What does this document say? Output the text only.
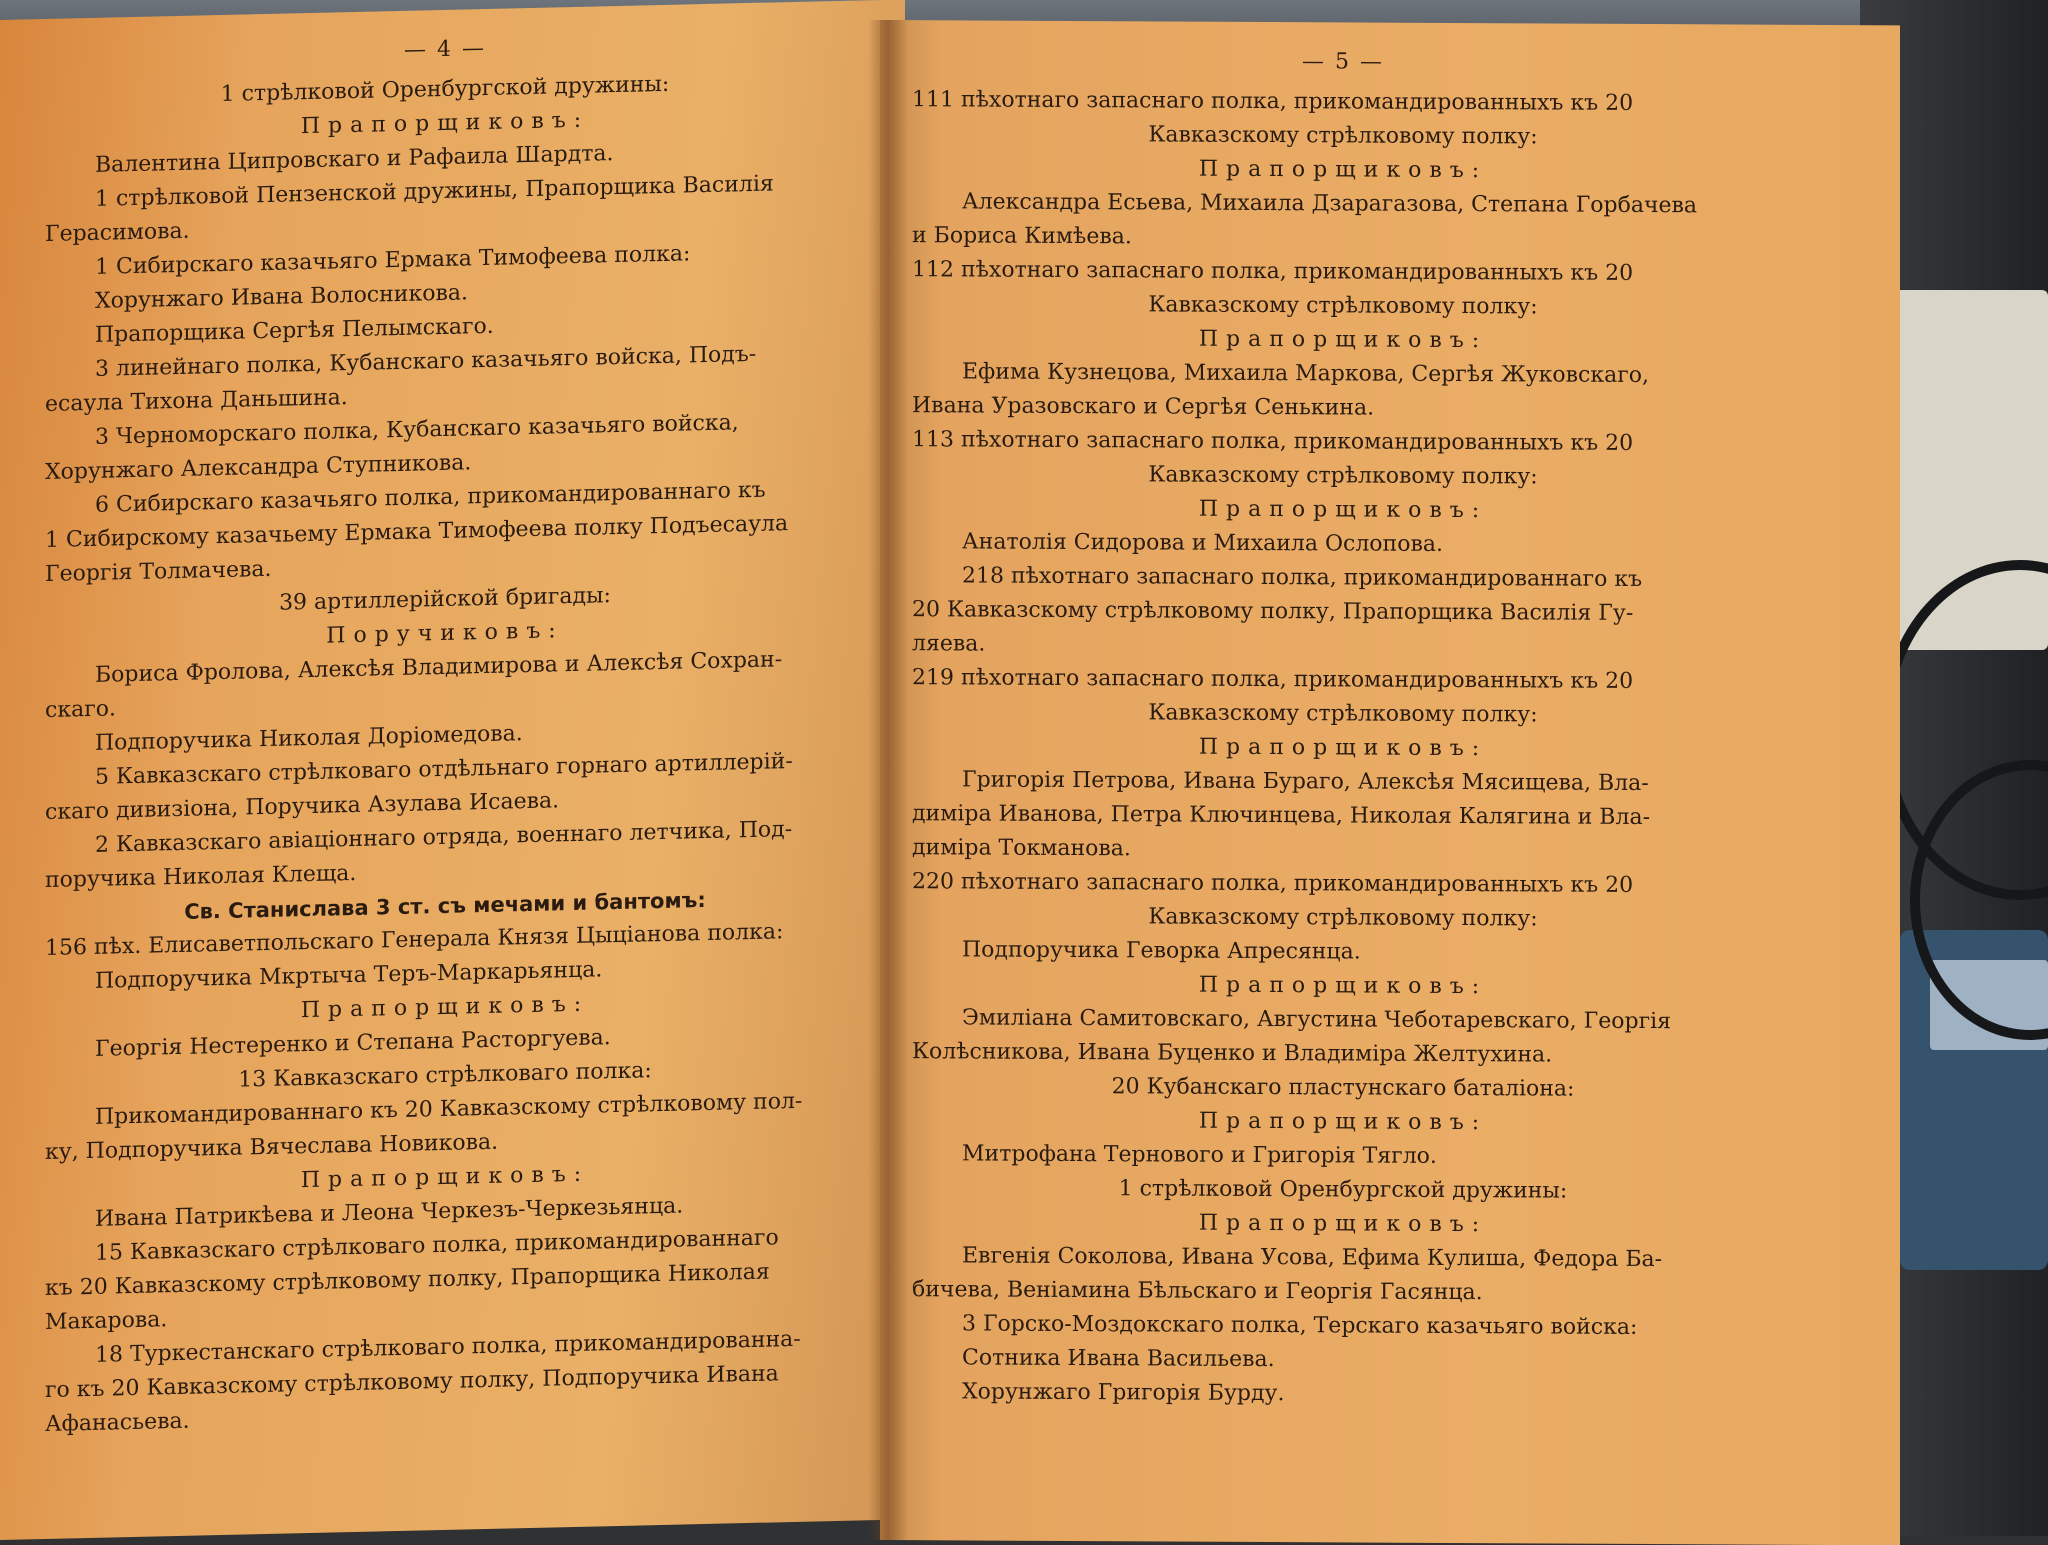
— 4 —
1 стрѣлковой Оренбургской дружины:
Прапорщиковъ:
Валентина Ципровскаго и Рафаила Шардта.
1 стрѣлковой Пензенской дружины, Прапорщика Василія
Герасимова.
1 Сибирскаго казачьяго Ермака Тимофеева полка:
Хорунжаго Ивана Волосникова.
Прапорщика Сергѣя Пелымскаго.
3 линейнаго полка, Кубанскаго казачьяго войска, Подъ-
есаула Тихона Даньшина.
3 Черноморскаго полка, Кубанскаго казачьяго войска,
Хорунжаго Александра Ступникова.
6 Сибирскаго казачьяго полка, прикомандированнаго къ
1 Сибирскому казачьему Ермака Тимофеева полку Подъесаула
Георгія Толмачева.
39 артиллерійской бригады:
Поручиковъ:
Бориса Фролова, Алексѣя Владимирова и Алексѣя Сохран-
скаго.
Подпоручика Николая Доріомедова.
5 Кавказскаго стрѣлковаго отдѣльнаго горнаго артиллерій-
скаго дивизіона, Поручика Азулава Исаева.
2 Кавказскаго авіаціоннаго отряда, военнаго летчика, Под-
поручика Николая Клеща.
Св. Станислава 3 ст. съ мечами и бантомъ:
156 пѣх. Елисаветпольскаго Генерала Князя Цыціанова полка:
Подпоручика Мкртыча Теръ-Маркарьянца.
Прапорщиковъ:
Георгія Нестеренко и Степана Расторгуева.
13 Кавказскаго стрѣлковаго полка:
Прикомандированнаго къ 20 Кавказскому стрѣлковому пол-
ку, Подпоручика Вячеслава Новикова.
Прапорщиковъ:
Ивана Патрикѣева и Леона Черкезъ-Черкезьянца.
15 Кавказскаго стрѣлковаго полка, прикомандированнаго
къ 20 Кавказскому стрѣлковому полку, Прапорщика Николая
Макарова.
18 Туркестанскаго стрѣлковаго полка, прикомандированна-
го къ 20 Кавказскому стрѣлковому полку, Подпоручика Ивана
Афанасьева.
— 5 —
111 пѣхотнаго запаснаго полка, прикомандированныхъ къ 20
Кавказскому стрѣлковому полку:
Прапорщиковъ:
Александра Есьева, Михаила Дзарагазова, Степана Горбачева
и Бориса Кимѣева.
112 пѣхотнаго запаснаго полка, прикомандированныхъ къ 20
Кавказскому стрѣлковому полку:
Прапорщиковъ:
Ефима Кузнецова, Михаила Маркова, Сергѣя Жуковскаго,
Ивана Уразовскаго и Сергѣя Сенькина.
113 пѣхотнаго запаснаго полка, прикомандированныхъ къ 20
Кавказскому стрѣлковому полку:
Прапорщиковъ:
Анатолія Сидорова и Михаила Ослопова.
218 пѣхотнаго запаснаго полка, прикомандированнаго къ
20 Кавказскому стрѣлковому полку, Прапорщика Василія Гу-
ляева.
219 пѣхотнаго запаснаго полка, прикомандированныхъ къ 20
Кавказскому стрѣлковому полку:
Прапорщиковъ:
Григорія Петрова, Ивана Бураго, Алексѣя Мясищева, Вла-
диміра Иванова, Петра Ключинцева, Николая Калягина и Вла-
диміра Токманова.
220 пѣхотнаго запаснаго полка, прикомандированныхъ къ 20
Кавказскому стрѣлковому полку:
Подпоручика Геворка Апресянца.
Прапорщиковъ:
Эмиліана Самитовскаго, Августина Чеботаревскаго, Георгія
Колѣсникова, Ивана Буценко и Владиміра Желтухина.
20 Кубанскаго пластунскаго баталіона:
Прапорщиковъ:
Митрофана Тернового и Григорія Тягло.
1 стрѣлковой Оренбургской дружины:
Прапорщиковъ:
Евгенія Соколова, Ивана Усова, Ефима Кулиша, Федора Ба-
бичева, Веніамина Бѣльскаго и Георгія Гасянца.
3 Горско-Моздокскаго полка, Терскаго казачьяго войска:
Сотника Ивана Васильева.
Хорунжаго Григорія Бурду.
